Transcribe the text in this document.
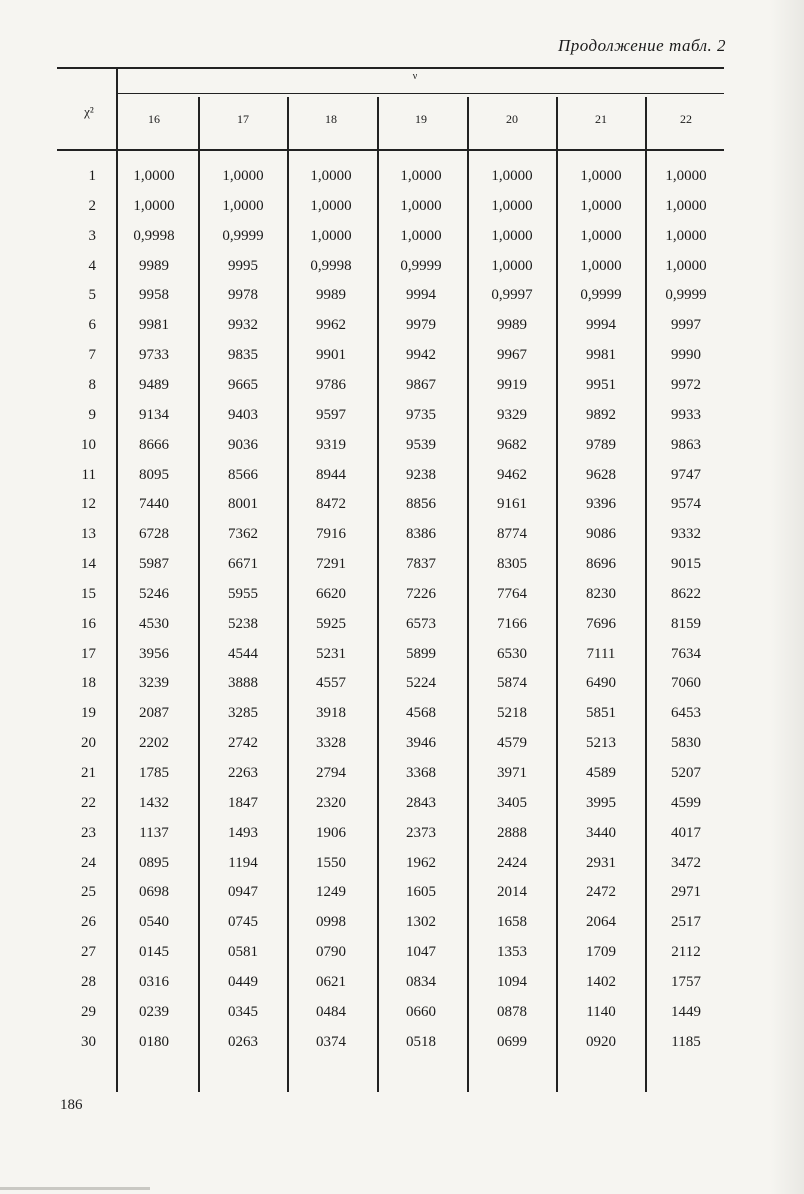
Продолжение табл. 2
χ²
ν
16	17	18	19	20	21	22
1	1,0000	1,0000	1,0000	1,0000	1,0000	1,0000	1,0000
2	1,0000	1,0000	1,0000	1,0000	1,0000	1,0000	1,0000
3	0,9998	0,9999	1,0000	1,0000	1,0000	1,0000	1,0000
4	9989	9995	0,9998	0,9999	1,0000	1,0000	1,0000
5	9958	9978	9989	9994	0,9997	0,9999	0,9999
6	9981	9932	9962	9979	9989	9994	9997
7	9733	9835	9901	9942	9967	9981	9990
8	9489	9665	9786	9867	9919	9951	9972
9	9134	9403	9597	9735	9329	9892	9933
10	8666	9036	9319	9539	9682	9789	9863
11	8095	8566	8944	9238	9462	9628	9747
12	7440	8001	8472	8856	9161	9396	9574
13	6728	7362	7916	8386	8774	9086	9332
14	5987	6671	7291	7837	8305	8696	9015
15	5246	5955	6620	7226	7764	8230	8622
16	4530	5238	5925	6573	7166	7696	8159
17	3956	4544	5231	5899	6530	7111	7634
18	3239	3888	4557	5224	5874	6490	7060
19	2087	3285	3918	4568	5218	5851	6453
20	2202	2742	3328	3946	4579	5213	5830
21	1785	2263	2794	3368	3971	4589	5207
22	1432	1847	2320	2843	3405	3995	4599
23	1137	1493	1906	2373	2888	3440	4017
24	0895	1194	1550	1962	2424	2931	3472
25	0698	0947	1249	1605	2014	2472	2971
26	0540	0745	0998	1302	1658	2064	2517
27	0145	0581	0790	1047	1353	1709	2112
28	0316	0449	0621	0834	1094	1402	1757
29	0239	0345	0484	0660	0878	1140	1449
30	0180	0263	0374	0518	0699	0920	1185
186
